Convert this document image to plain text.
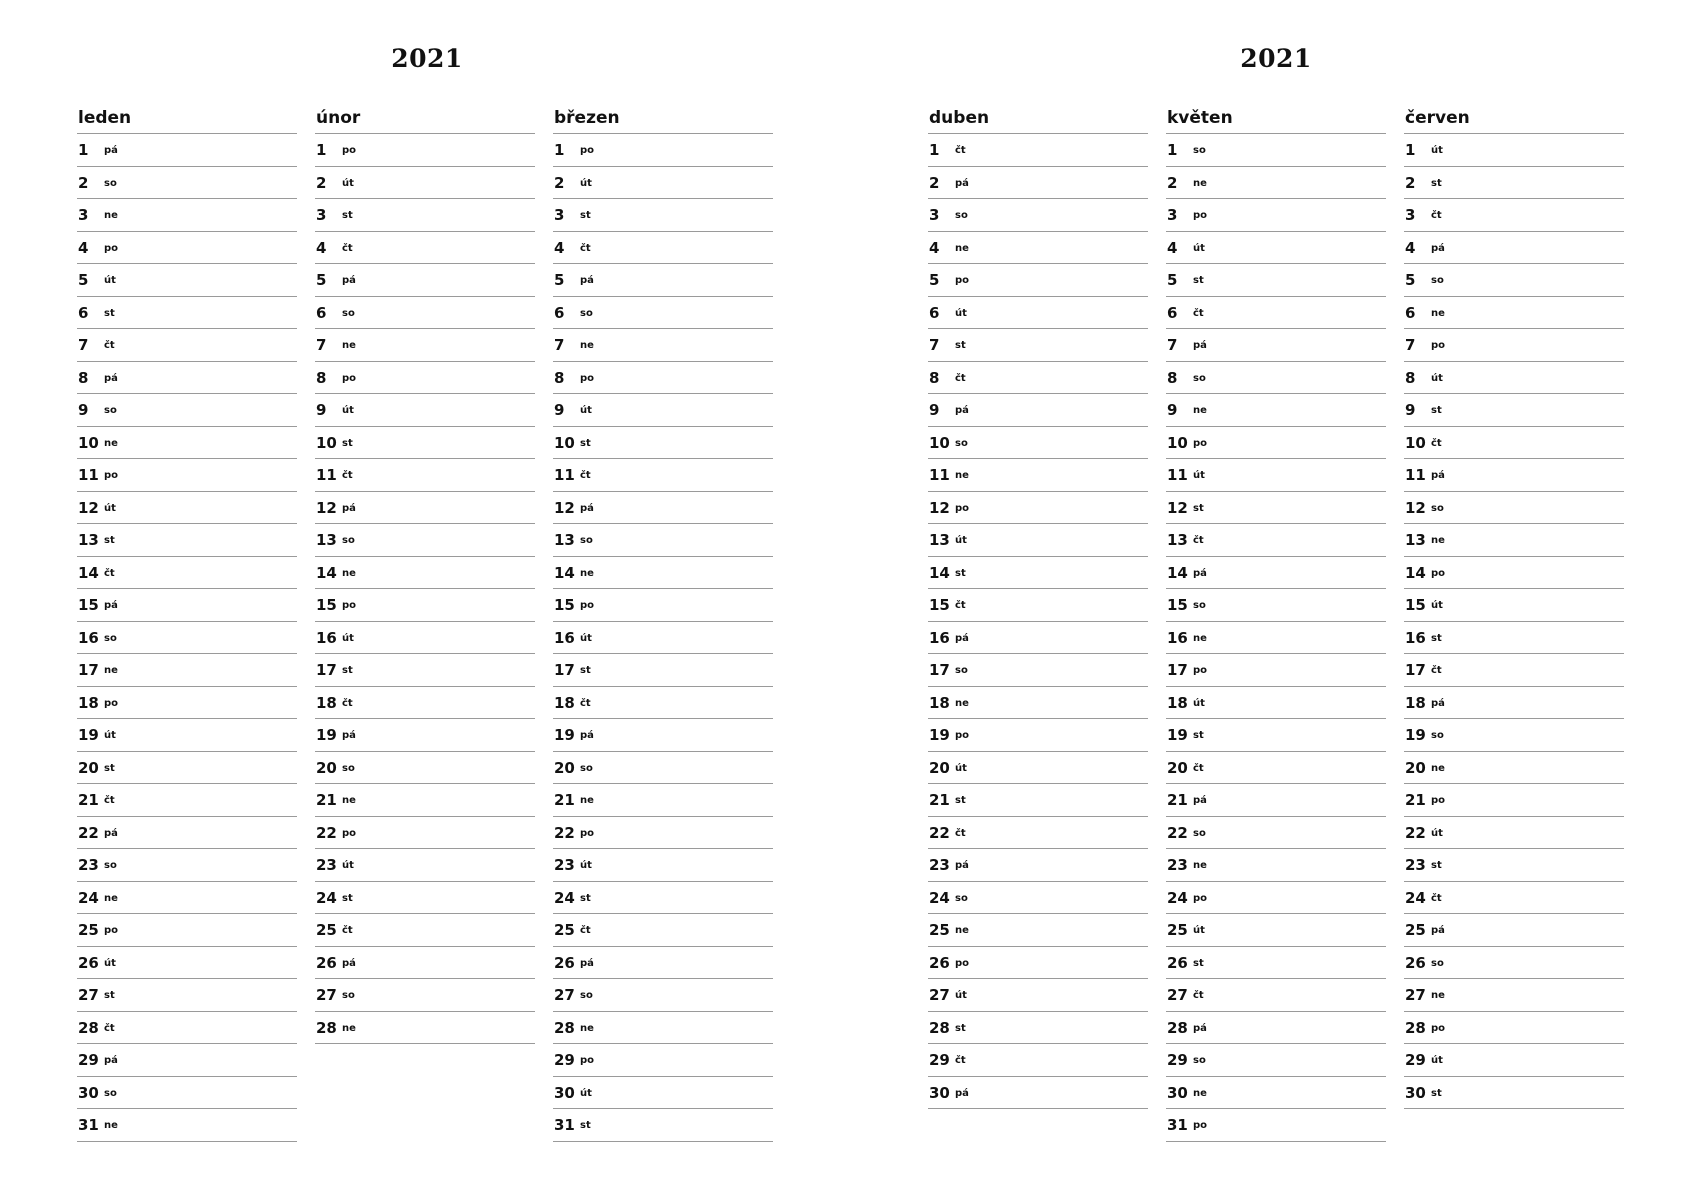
2021
leden
1 pá
2 so
3 ne
4 po
5 út
6 st
7 čt
8 pá
9 so
10 ne
11 po
12 út
13 st
14 čt
15 pá
16 so
17 ne
18 po
19 út
20 st
21 čt
22 pá
23 so
24 ne
25 po
26 út
27 st
28 čt
29 pá
30 so
31 ne
únor
1 po
2 út
3 st
4 čt
5 pá
6 so
7 ne
8 po
9 út
10 st
11 čt
12 pá
13 so
14 ne
15 po
16 út
17 st
18 čt
19 pá
20 so
21 ne
22 po
23 út
24 st
25 čt
26 pá
27 so
28 ne
březen
1 po
2 út
3 st
4 čt
5 pá
6 so
7 ne
8 po
9 út
10 st
11 čt
12 pá
13 so
14 ne
15 po
16 út
17 st
18 čt
19 pá
20 so
21 ne
22 po
23 út
24 st
25 čt
26 pá
27 so
28 ne
29 po
30 út
31 st
2021
duben
1 čt
2 pá
3 so
4 ne
5 po
6 út
7 st
8 čt
9 pá
10 so
11 ne
12 po
13 út
14 st
15 čt
16 pá
17 so
18 ne
19 po
20 út
21 st
22 čt
23 pá
24 so
25 ne
26 po
27 út
28 st
29 čt
30 pá
květen
1 so
2 ne
3 po
4 út
5 st
6 čt
7 pá
8 so
9 ne
10 po
11 út
12 st
13 čt
14 pá
15 so
16 ne
17 po
18 út
19 st
20 čt
21 pá
22 so
23 ne
24 po
25 út
26 st
27 čt
28 pá
29 so
30 ne
31 po
červen
1 út
2 st
3 čt
4 pá
5 so
6 ne
7 po
8 út
9 st
10 čt
11 pá
12 so
13 ne
14 po
15 út
16 st
17 čt
18 pá
19 so
20 ne
21 po
22 út
23 st
24 čt
25 pá
26 so
27 ne
28 po
29 út
30 st
